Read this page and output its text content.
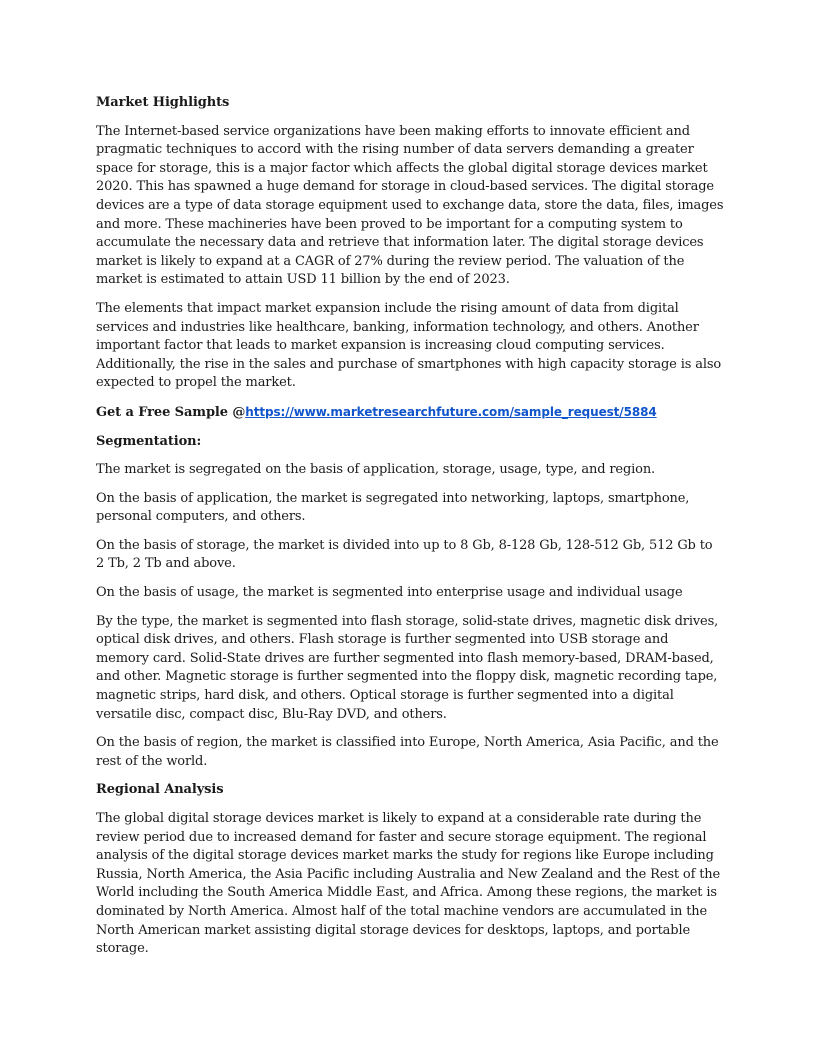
Market Highlights
The Internet-based service organizations have been making efforts to innovate efficient and pragmatic techniques to accord with the rising number of data servers demanding a greater space for storage, this is a major factor which affects the global digital storage devices market 2020. This has spawned a huge demand for storage in cloud-based services. The digital storage devices are a type of data storage equipment used to exchange data, store the data, files, images and more. These machineries have been proved to be important for a computing system to accumulate the necessary data and retrieve that information later. The digital storage devices market is likely to expand at a CAGR of 27% during the review period. The valuation of the market is estimated to attain USD 11 billion by the end of 2023.
The elements that impact market expansion include the rising amount of data from digital services and industries like healthcare, banking, information technology, and others. Another important factor that leads to market expansion is increasing cloud computing services. Additionally, the rise in the sales and purchase of smartphones with high capacity storage is also expected to propel the market.
Get a Free Sample @https://www.marketresearchfuture.com/sample_request/5884
Segmentation:
The market is segregated on the basis of application, storage, usage, type, and region.
On the basis of application, the market is segregated into networking, laptops, smartphone, personal computers, and others.
On the basis of storage, the market is divided into up to 8 Gb, 8-128 Gb, 128-512 Gb, 512 Gb to 2 Tb, 2 Tb and above.
On the basis of usage, the market is segmented into enterprise usage and individual usage
By the type, the market is segmented into flash storage, solid-state drives, magnetic disk drives, optical disk drives, and others. Flash storage is further segmented into USB storage and memory card. Solid-State drives are further segmented into flash memory-based, DRAM-based, and other. Magnetic storage is further segmented into the floppy disk, magnetic recording tape, magnetic strips, hard disk, and others. Optical storage is further segmented into a digital versatile disc, compact disc, Blu-Ray DVD, and others.
On the basis of region, the market is classified into Europe, North America, Asia Pacific, and the rest of the world.
Regional Analysis
The global digital storage devices market is likely to expand at a considerable rate during the review period due to increased demand for faster and secure storage equipment. The regional analysis of the digital storage devices market marks the study for regions like Europe including Russia, North America, the Asia Pacific including Australia and New Zealand and the Rest of the World including the South America Middle East, and Africa. Among these regions, the market is dominated by North America. Almost half of the total machine vendors are accumulated in the North American market assisting digital storage devices for desktops, laptops, and portable storage.
